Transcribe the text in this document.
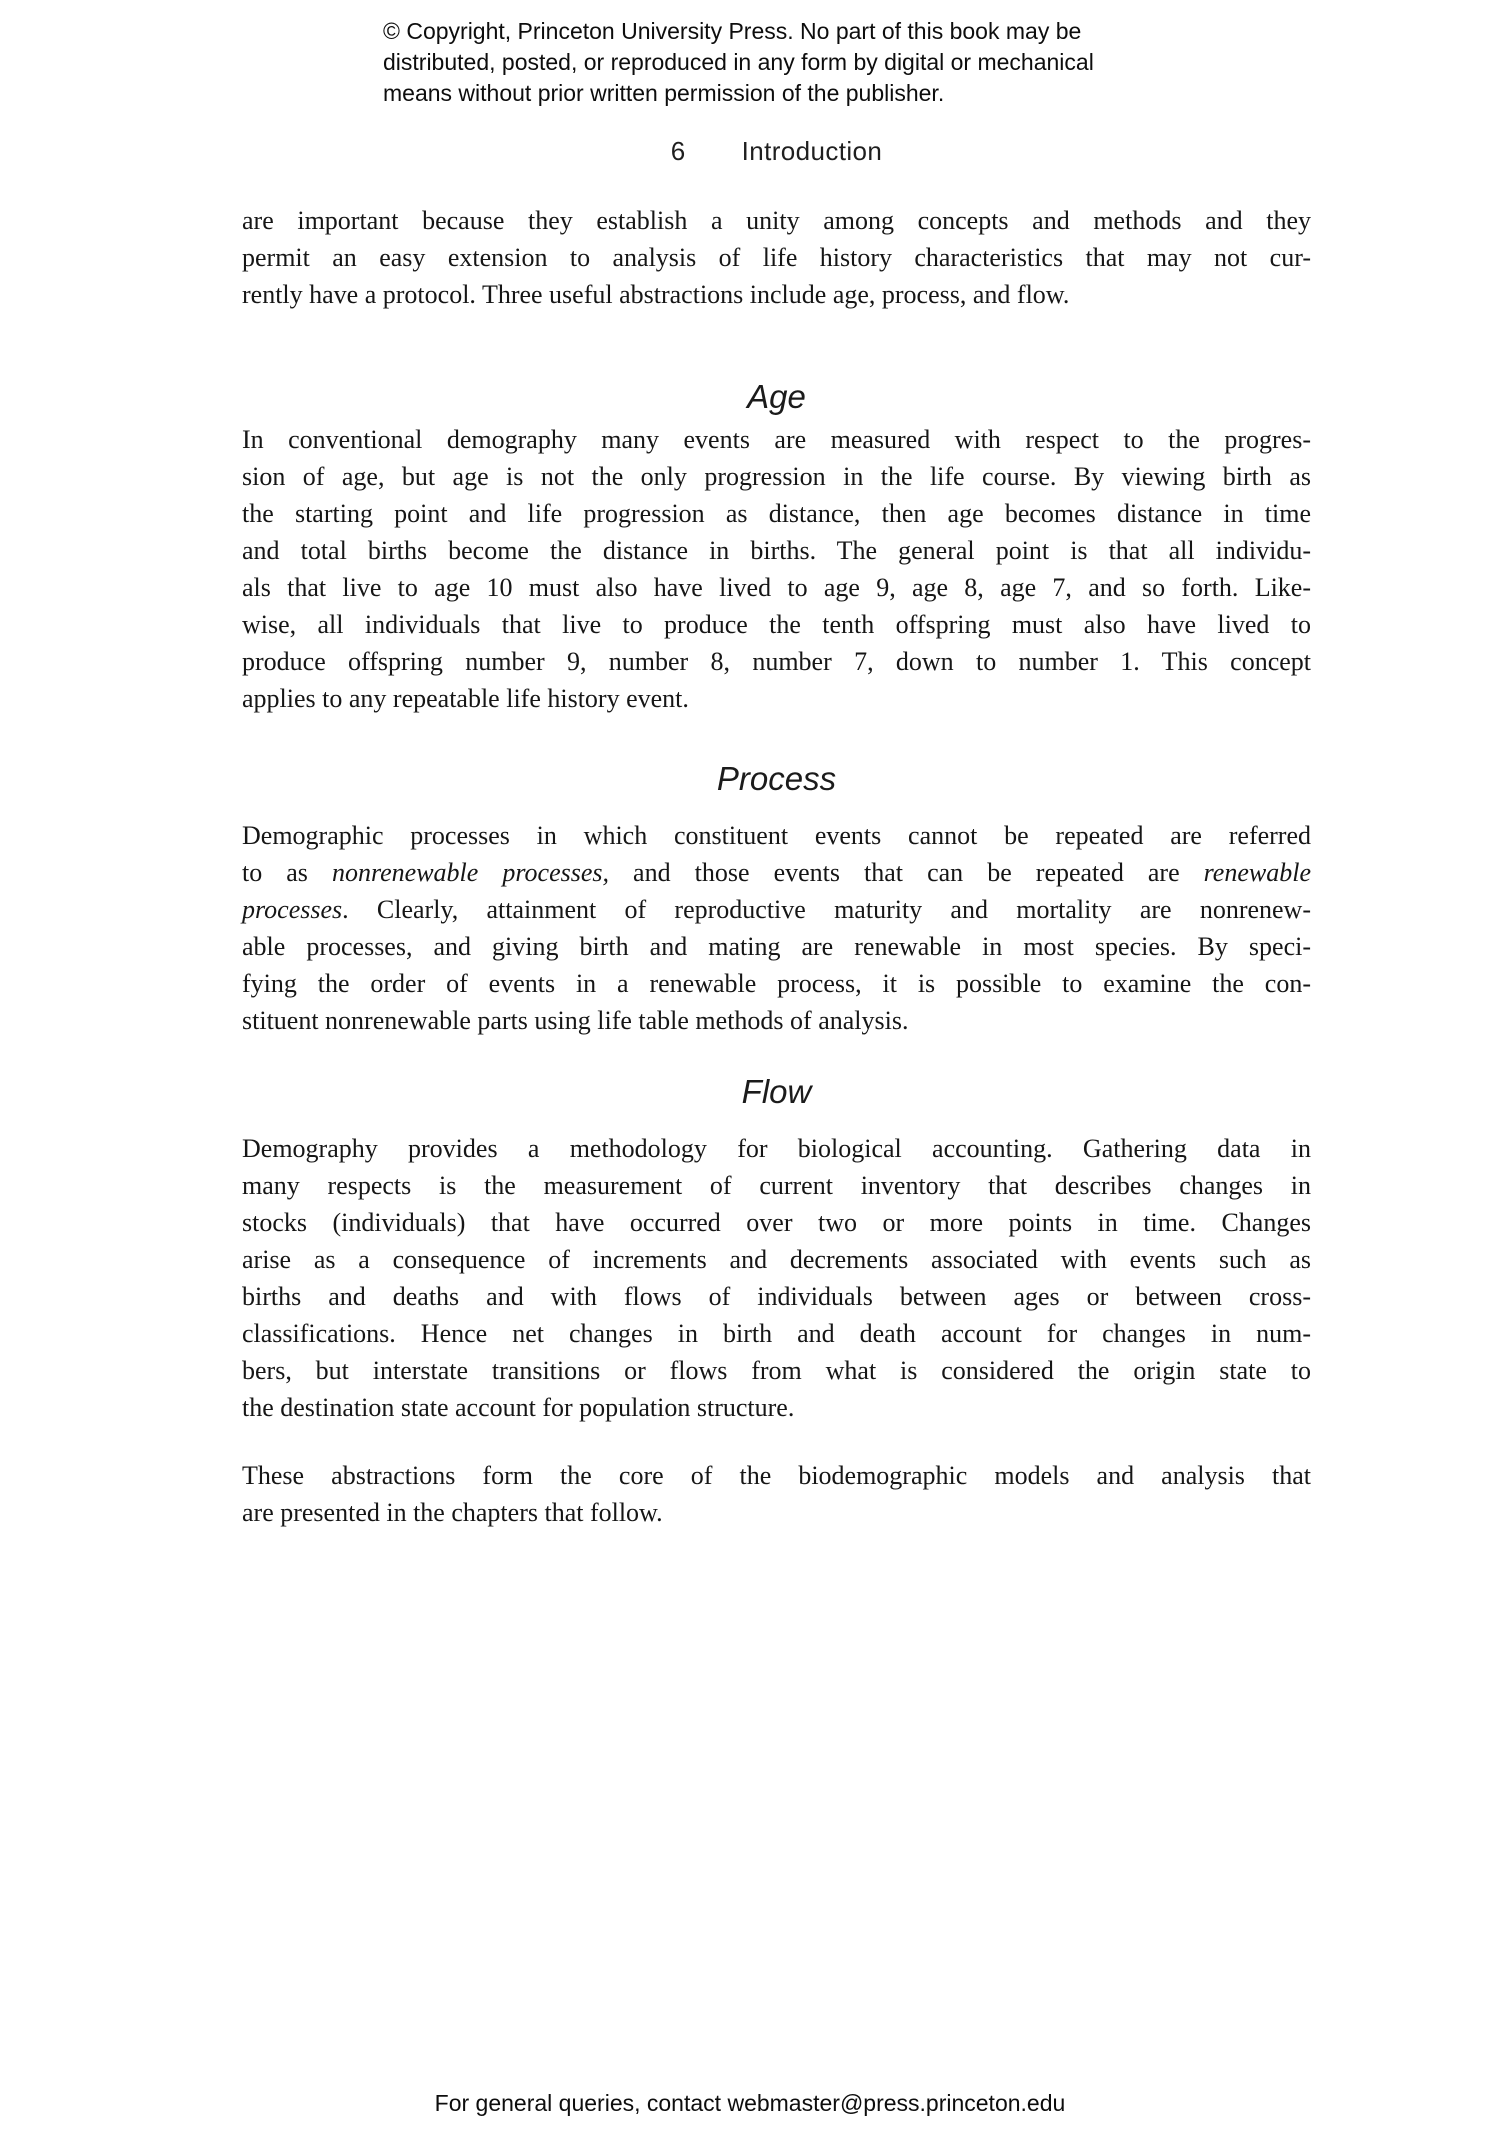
© Copyright, Princeton University Press. No part of this book may be
distributed, posted, or reproduced in any form by digital or mechanical
means without prior written permission of the publisher.
6 Introduction
are important because they establish a unity among concepts and methods and they
permit an easy extension to analysis of life history characteristics that may not cur-
rently have a protocol. Three useful abstractions include age, process, and flow.
Age
In conventional demography many events are measured with respect to the progres-
sion of age, but age is not the only progression in the life course. By viewing birth as
the starting point and life progression as distance, then age becomes distance in time
and total births become the distance in births. The general point is that all individu-
als that live to age 10 must also have lived to age 9, age 8, age 7, and so forth. Like-
wise, all individuals that live to produce the tenth offspring must also have lived to
produce offspring number 9, number 8, number 7, down to number 1. This concept
applies to any repeatable life history event.
Process
Demographic processes in which constituent events cannot be repeated are referred
to as nonrenewable processes, and those events that can be repeated are renewable
processes. Clearly, attainment of reproductive maturity and mortality are nonrenew-
able processes, and giving birth and mating are renewable in most species. By speci-
fying the order of events in a renewable process, it is possible to examine the con-
stituent nonrenewable parts using life table methods of analysis.
Flow
Demography provides a methodology for biological accounting. Gathering data in
many respects is the measurement of current inventory that describes changes in
stocks (individuals) that have occurred over two or more points in time. Changes
arise as a consequence of increments and decrements associated with events such as
births and deaths and with flows of individuals between ages or between cross-
classifications. Hence net changes in birth and death account for changes in num-
bers, but interstate transitions or flows from what is considered the origin state to
the destination state account for population structure.
These abstractions form the core of the biodemographic models and analysis that
are presented in the chapters that follow.
For general queries, contact webmaster@press.princeton.edu
